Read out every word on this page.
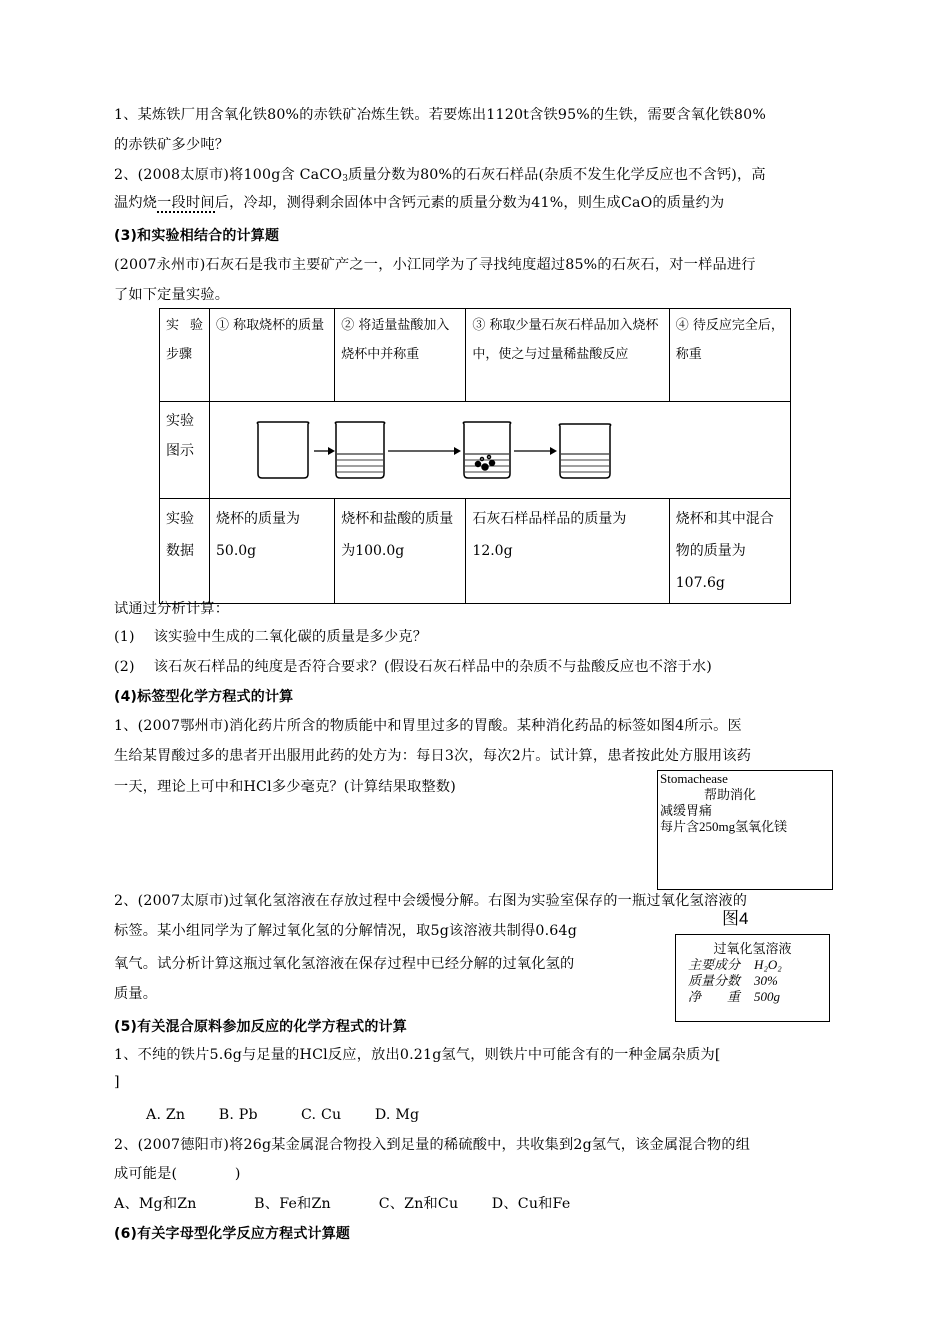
1、某炼铁厂用含氧化铁80%的赤铁矿冶炼生铁。若要炼出1120t含铁95%的生铁，需要含氧化铁80%
的赤铁矿多少吨？
2、(2008太原市)将100g含 CaCO$_3$质量分数为80%的石灰石样品(杂质不发生化学反应也不含钙)，高
温灼烧一段时间后，冷却，测得剩余固体中含钙元素的质量分数为41%，则生成CaO的质量约为
(3)和实验相结合的计算题
(2007永州市)石灰石是我市主要矿产之一，小江同学为了寻找纯度超过85%的石灰石，对一样品进行
了如下定量实验。
实 验步骤	① 称取烧杯的质量	② 将适量盐酸加入烧杯中并称重	③ 称取少量石灰石样品加入烧杯中，使之与过量稀盐酸反应	④ 待反应完全后，称重
实验图示	
实验数据	烧杯的质量为50.0g	烧杯和盐酸的质量为100.0g	石灰石样品样品的质量为12.0g	烧杯和其中混合物的质量为107.6g
试通过分析计算：
(1)　 该实验中生成的二氧化碳的质量是多少克？
(2)　 该石灰石样品的纯度是否符合要求？(假设石灰石样品中的杂质不与盐酸反应也不溶于水)
(4)标签型化学方程式的计算
1、(2007鄂州市)消化药片所含的物质能中和胃里过多的胃酸。某种消化药品的标签如图4所示。医
生给某胃酸过多的患者开出服用此药的处方为：每日3次，每次2片。试计算，患者按此处方服用该药
一天，理论上可中和HCl多少毫克？(计算结果取整数)
Stomachease
帮助消化
减缓胃痛
每片含250mg氢氧化镁
图4
2、(2007太原市)过氧化氢溶液在存放过程中会缓慢分解。右图为实验室保存的一瓶过氧化氢溶液的
标签。某小组同学为了解过氧化氢的分解情况，取5g该溶液共制得0.64g
氧气。试分析计算这瓶过氧化氢溶液在保存过程中已经分解的过氧化氢的
质量。
过氧化氢溶液
主要成分 H₂O₂
质量分数 30%
净　　重 500g
(5)有关混合原料参加反应的化学方程式的计算
1、不纯的铁片5.6g与足量的HCl反应，放出0.21g氢气，则铁片中可能含有的一种金属杂质为[
]
A. Zn　　 B. Pb　　　C. Cu　　 D. Mg
2、(2007德阳市)将26g某金属混合物投入到足量的稀硫酸中，共收集到2g氢气，该金属混合物的组
成可能是(　　　　)
A、Mg和Zn　　　　B、Fe和Zn　　　 C、Zn和Cu　　 D、Cu和Fe
(6)有关字母型化学反应方程式计算题
